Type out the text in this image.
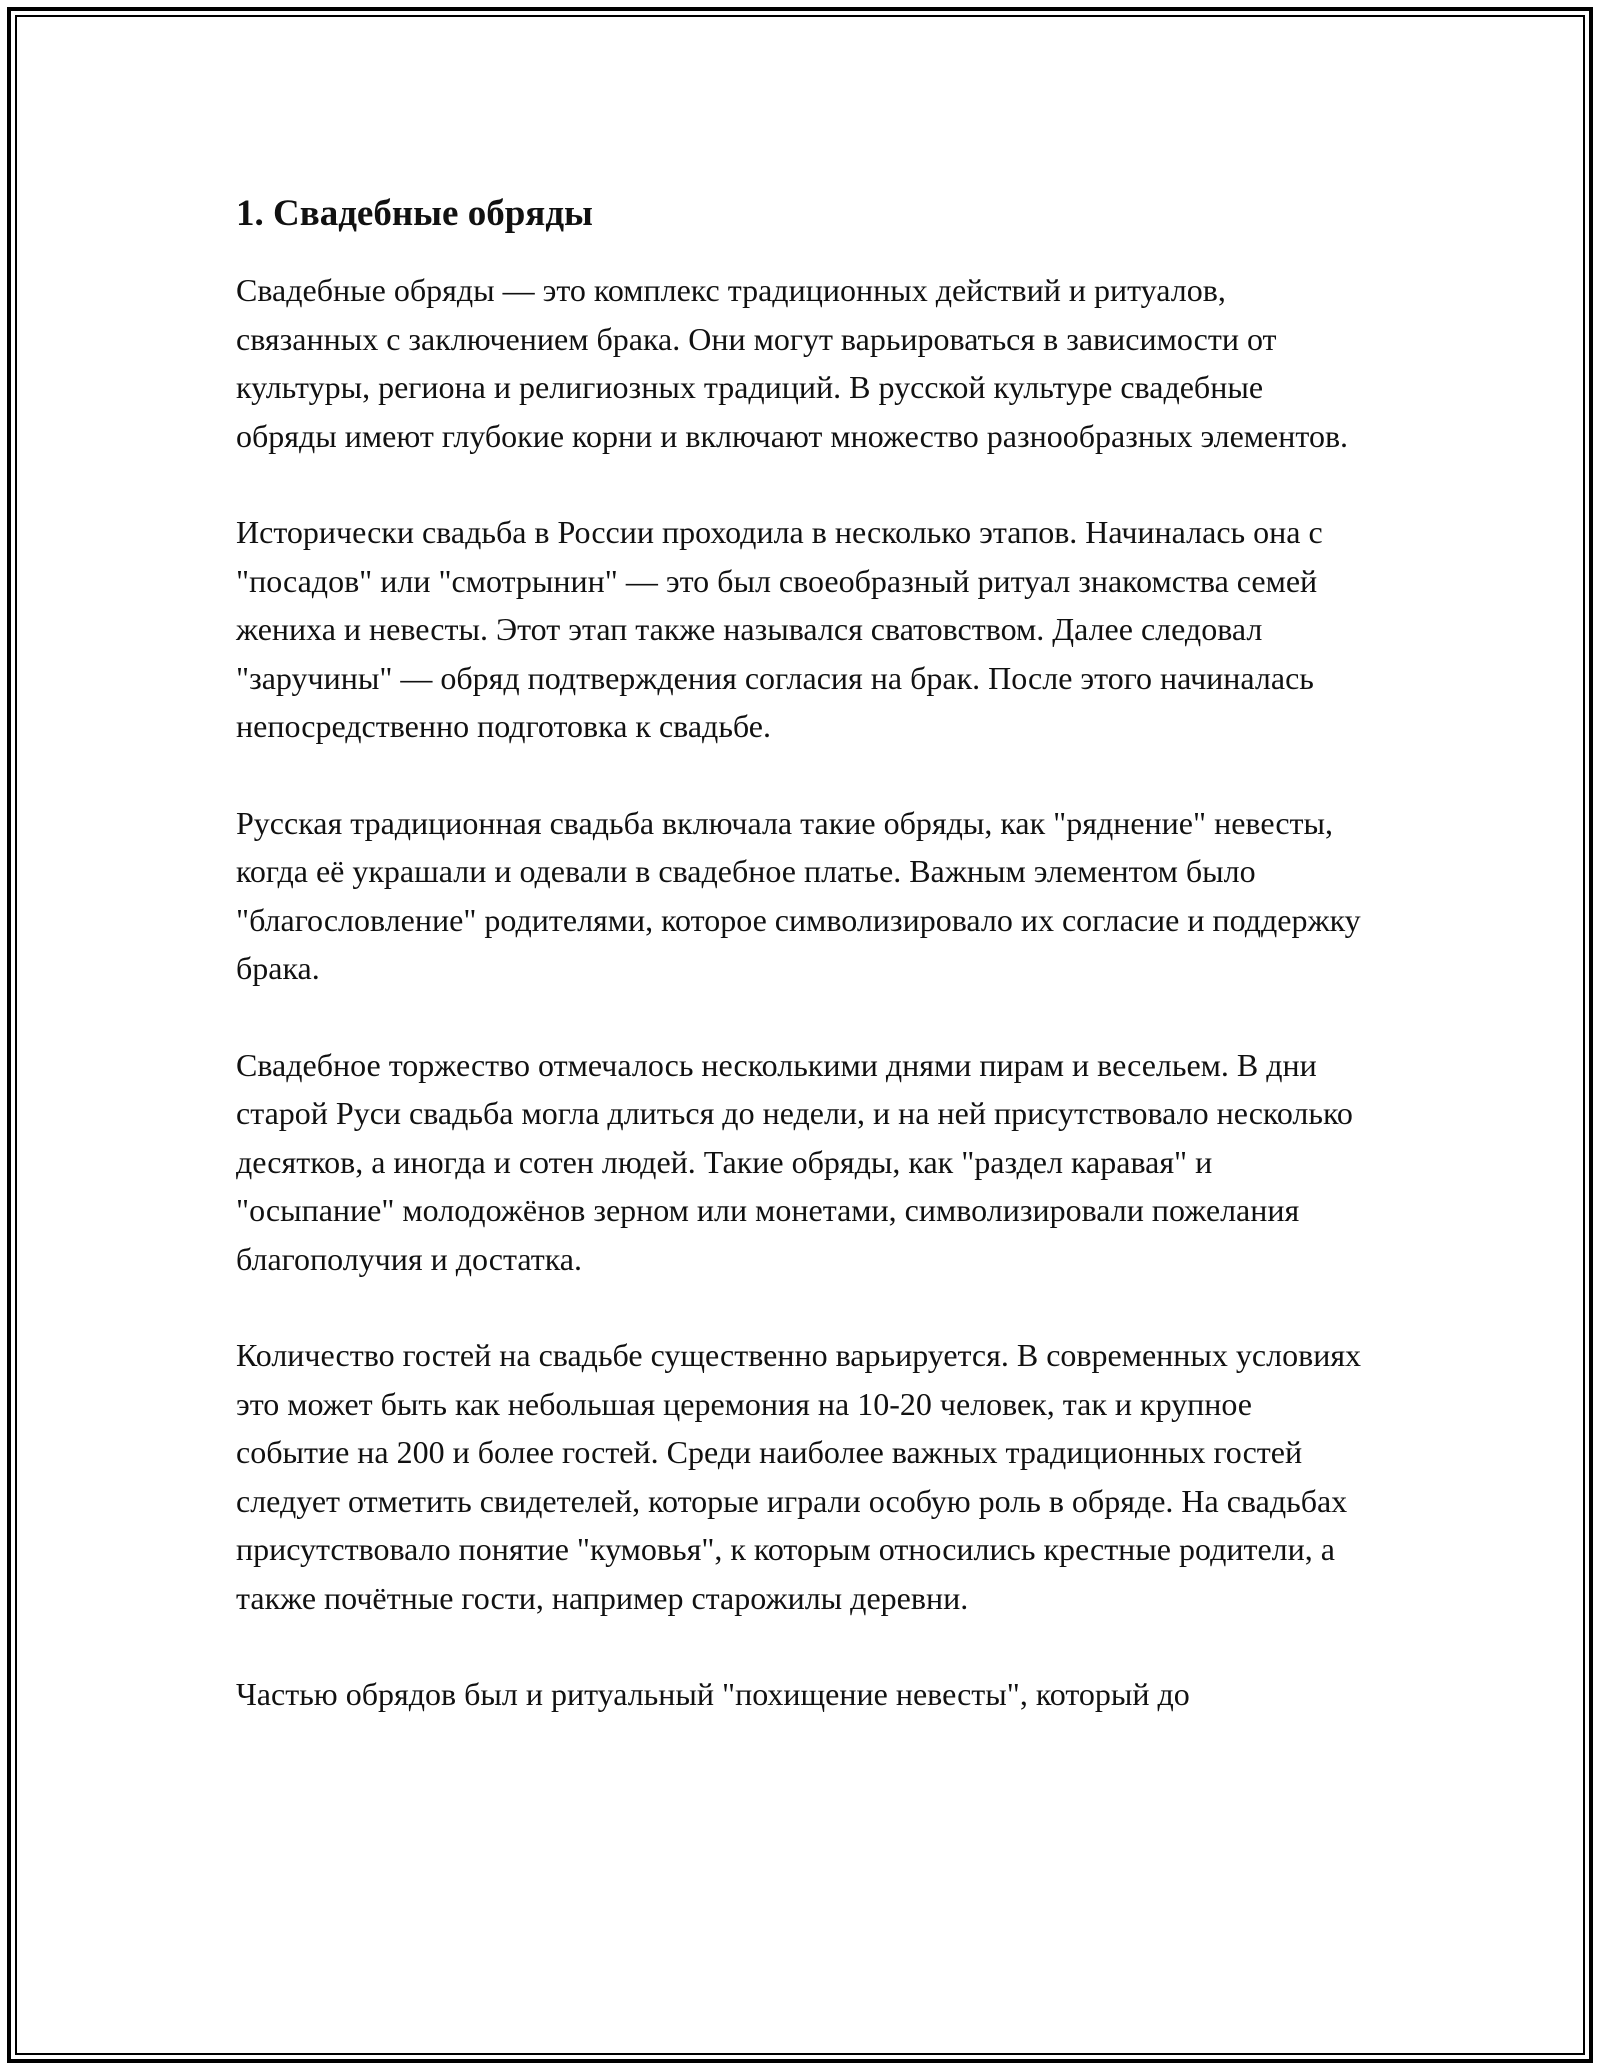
1. Свадебные обряды

Свадебные обряды — это комплекс традиционных действий и ритуалов, связанных с заключением брака. Они могут варьироваться в зависимости от культуры, региона и религиозных традиций. В русской культуре свадебные обряды имеют глубокие корни и включают множество разнообразных элементов.

Исторически свадьба в России проходила в несколько этапов. Начиналась она с "посадов" или "смотрынин" — это был своеобразный ритуал знакомства семей жениха и невесты. Этот этап также назывался сватовством. Далее следовал "заручины" — обряд подтверждения согласия на брак. После этого начиналась непосредственно подготовка к свадьбе.

Русская традиционная свадьба включала такие обряды, как "ряднение" невесты, когда её украшали и одевали в свадебное платье. Важным элементом было "благословление" родителями, которое символизировало их согласие и поддержку брака.

Свадебное торжество отмечалось несколькими днями пирам и весельем. В дни старой Руси свадьба могла длиться до недели, и на ней присутствовало несколько десятков, а иногда и сотен людей. Такие обряды, как "раздел каравая" и "осыпание" молодожёнов зерном или монетами, символизировали пожелания благополучия и достатка.

Количество гостей на свадьбе существенно варьируется. В современных условиях это может быть как небольшая церемония на 10-20 человек, так и крупное событие на 200 и более гостей. Среди наиболее важных традиционных гостей следует отметить свидетелей, которые играли особую роль в обряде. На свадьбах присутствовало понятие "кумовья", к которым относились крестные родители, а также почётные гости, например старожилы деревни.

Частью обрядов был и ритуальный "похищение невесты", который до
